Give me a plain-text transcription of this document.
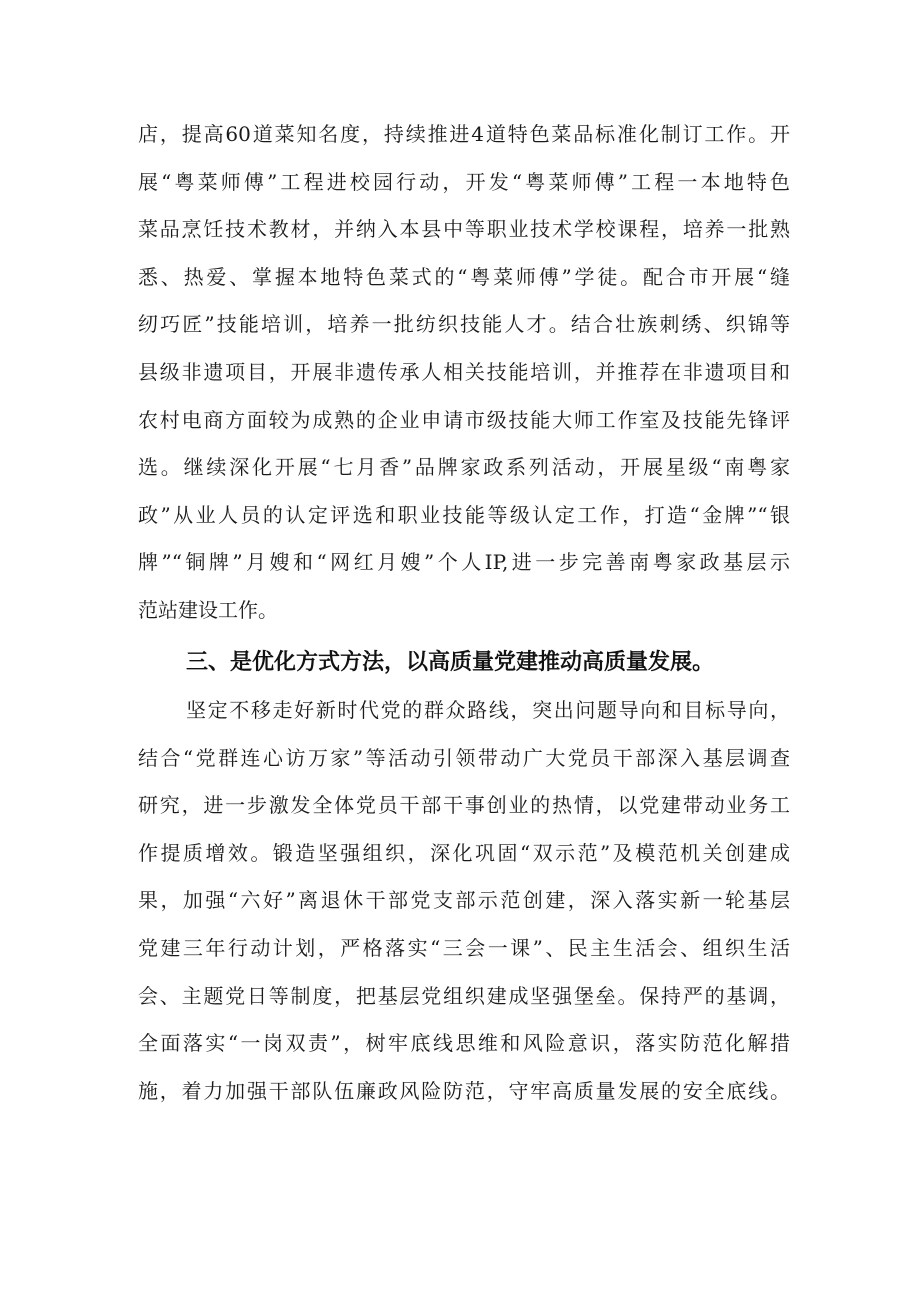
店，提高60道菜知名度，持续推进4道特色菜品标准化制订工作。开
展“粤菜师傅”工程进校园行动，开发“粤菜师傅”工程一本地特色
菜品烹饪技术教材，并纳入本县中等职业技术学校课程，培养一批熟
悉、热爱、掌握本地特色菜式的“粤菜师傅”学徒。配合市开展“缝
纫巧匠”技能培训，培养一批纺织技能人才。结合壮族刺绣、织锦等
县级非遗项目，开展非遗传承人相关技能培训，并推荐在非遗项目和
农村电商方面较为成熟的企业申请市级技能大师工作室及技能先锋评
选。继续深化开展“七月香”品牌家政系列活动，开展星级“南粤家
政”从业人员的认定评选和职业技能等级认定工作，打造“金牌”“银
牌”“铜牌”月嫂和“网红月嫂”个人IP,进一步完善南粤家政基层示
范站建设工作。
三、是优化方式方法，以高质量党建推动高质量发展。
坚定不移走好新时代党的群众路线，突出问题导向和目标导向，
结合“党群连心访万家”等活动引领带动广大党员干部深入基层调查
研究，进一步激发全体党员干部干事创业的热情，以党建带动业务工
作提质增效。锻造坚强组织，深化巩固“双示范”及模范机关创建成
果，加强“六好”离退休干部党支部示范创建，深入落实新一轮基层
党建三年行动计划，严格落实“三会一课”、民主生活会、组织生活
会、主题党日等制度，把基层党组织建成坚强堡垒。保持严的基调，
全面落实“一岗双责”，树牢底线思维和风险意识，落实防范化解措
施，着力加强干部队伍廉政风险防范，守牢高质量发展的安全底线。
